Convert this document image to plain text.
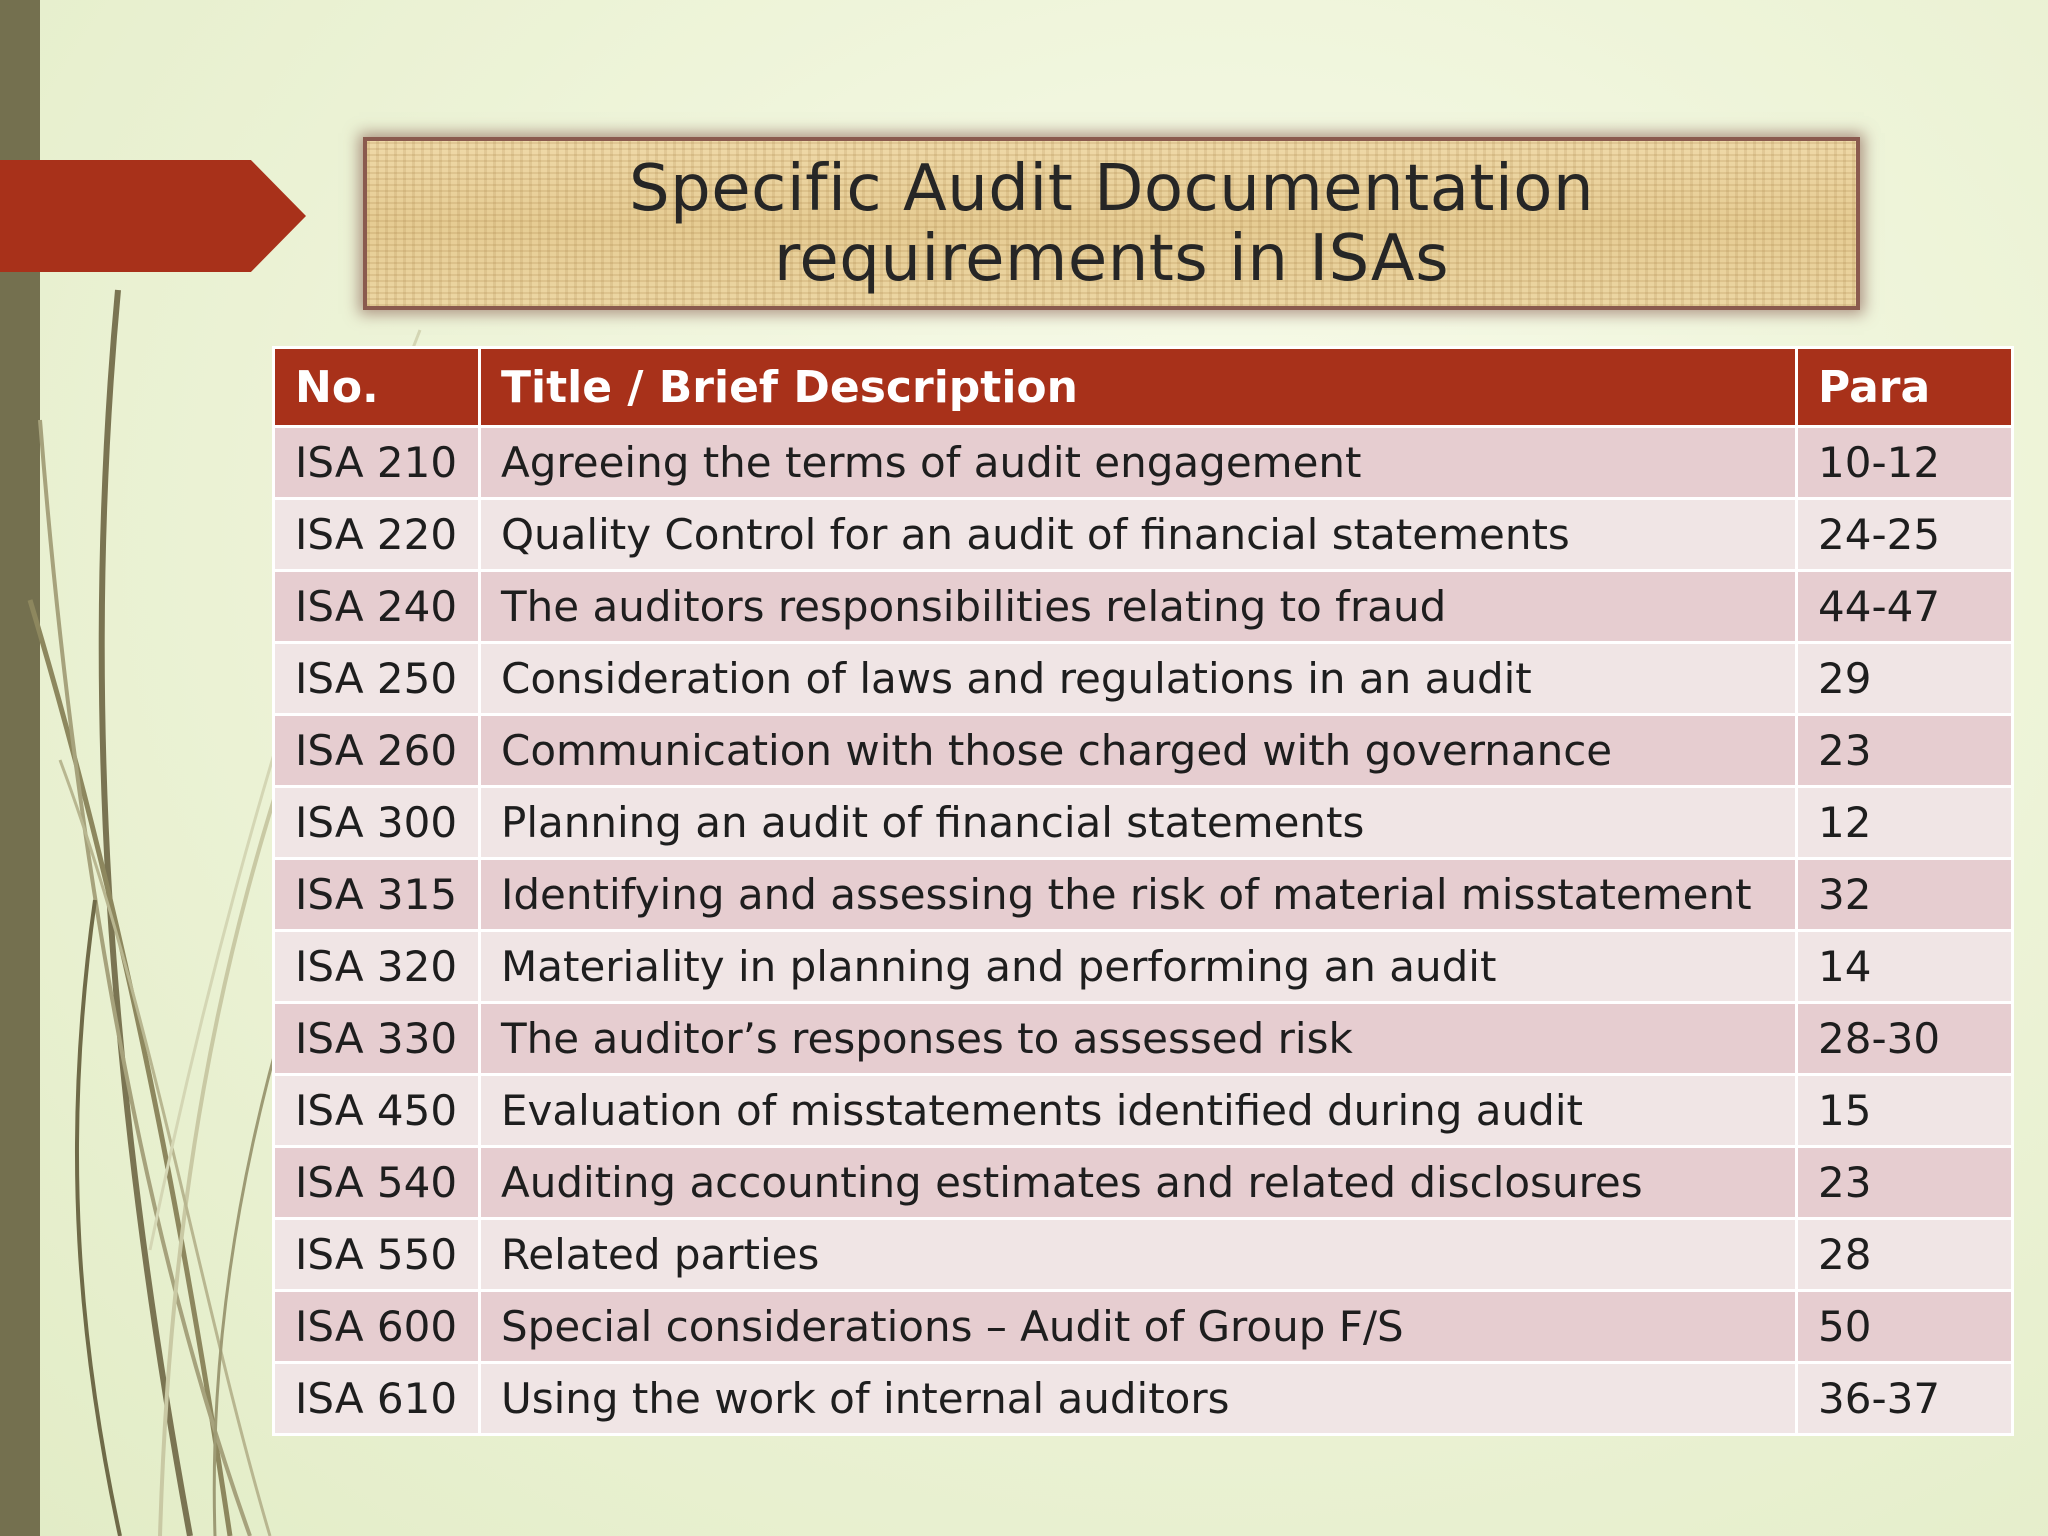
Specific Audit Documentation
requirements in ISAs
No.	Title / Brief Description	Para
ISA 210	Agreeing the terms of audit engagement	10-12
ISA 220	Quality Control for an audit of financial statements	24-25
ISA 240	The auditors responsibilities relating to fraud	44-47
ISA 250	Consideration of laws and regulations in an audit	29
ISA 260	Communication with those charged with governance	23
ISA 300	Planning an audit of financial statements	12
ISA 315	Identifying and assessing the risk of material misstatement	32
ISA 320	Materiality in planning and performing an audit	14
ISA 330	The auditor’s responses to assessed risk	28-30
ISA 450	Evaluation of misstatements identified during audit	15
ISA 540	Auditing accounting estimates and related disclosures	23
ISA 550	Related parties	28
ISA 600	Special considerations – Audit of Group F/S	50
ISA 610	Using the work of internal auditors	36-37
